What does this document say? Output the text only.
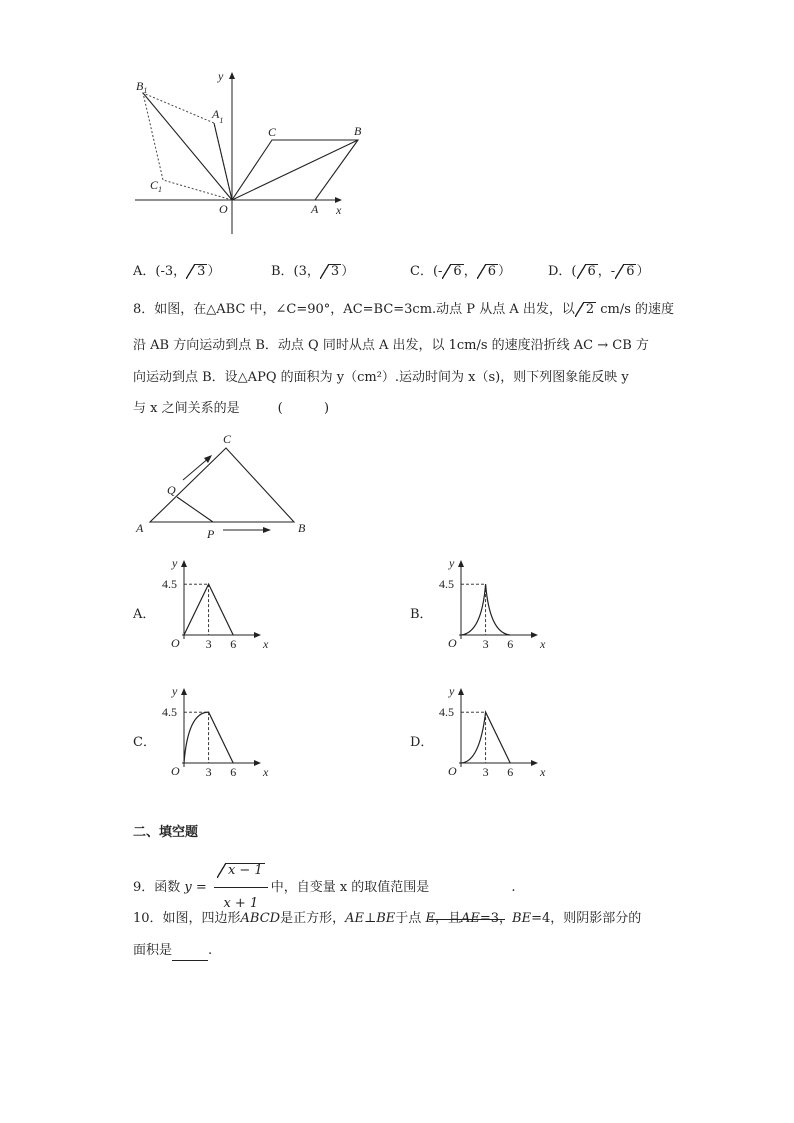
$B_1$
$A_1$
$C_1$
C	B
O	A x
y
A．(-3， 3 ）	B．(3， 3 ）	C．(- 6 ， 6 ）	D．( 6 ，- 6 ）
8．如图，在△ABC 中，∠C=90°，AC=BC=3cm.动点 P 从点 A 出发，以 2 cm/s 的速度
沿 AB 方向运动到点 B．动点 Q 同时从点 A 出发，以 1cm/s 的速度沿折线 AC → CB 方
向运动到点 B．设△APQ 的面积为 y（cm²）.运动时间为 x（s)，则下列图象能反映 y
与 x 之间关系的是	(          )
C
Q
A	P	B
A．
4.5
3 6
O	x
y
B．
4.5
3 6
O	x
y
C．
4.5
3 6
O	x
y
D．
4.5
3 6
O	x
y
二、填空题
9．函数 $y = \frac{x - 1}{x + 1}$ 中，自变量 x 的取值范围是	.
10．如图，四边形ABCD是正方形，AE⊥BE于点 E，且AE=3，BE=4，则阴影部分的
面积是	.
